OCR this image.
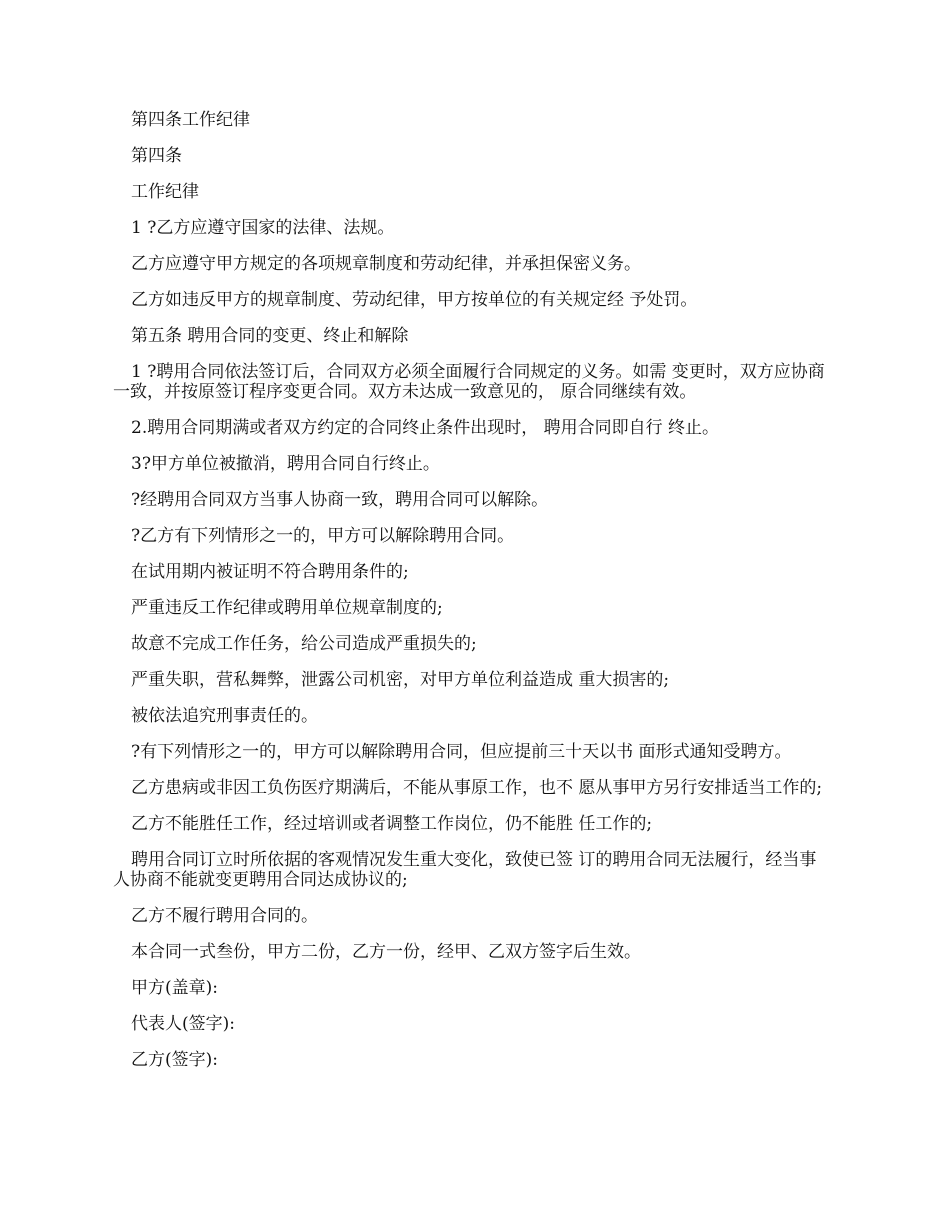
第四条工作纪律

第四条

工作纪律

1 ?乙方应遵守国家的法律、法规。

乙方应遵守甲方规定的各项规章制度和劳动纪律，并承担保密义务。

乙方如违反甲方的规章制度、劳动纪律，甲方按单位的有关规定经 予处罚。

第五条 聘用合同的变更、终止和解除

1 ?聘用合同依法签订后，合同双方必须全面履行合同规定的义务。如需 变更时，双方应协商一致，并按原签订程序变更合同。双方未达成一致意见的， 原合同继续有效。

2.聘用合同期满或者双方约定的合同终止条件出现时， 聘用合同即自行 终止。

3?甲方单位被撤消，聘用合同自行终止。

?经聘用合同双方当事人协商一致，聘用合同可以解除。

?乙方有下列情形之一的，甲方可以解除聘用合同。

在试用期内被证明不符合聘用条件的;

严重违反工作纪律或聘用单位规章制度的;

故意不完成工作任务，给公司造成严重损失的;

严重失职，营私舞弊，泄露公司机密，对甲方单位利益造成 重大损害的;

被依法追究刑事责任的。

?有下列情形之一的，甲方可以解除聘用合同，但应提前三十天以书 面形式通知受聘方。

乙方患病或非因工负伤医疗期满后，不能从事原工作，也不 愿从事甲方另行安排适当工作的;

乙方不能胜任工作，经过培训或者调整工作岗位，仍不能胜 任工作的;

聘用合同订立时所依据的客观情况发生重大变化，致使已签 订的聘用合同无法履行，经当事人协商不能就变更聘用合同达成协议的;

乙方不履行聘用合同的。

本合同一式叁份，甲方二份，乙方一份，经甲、乙双方签字后生效。

甲方(盖章):

代表人(签字):

乙方(签字):
